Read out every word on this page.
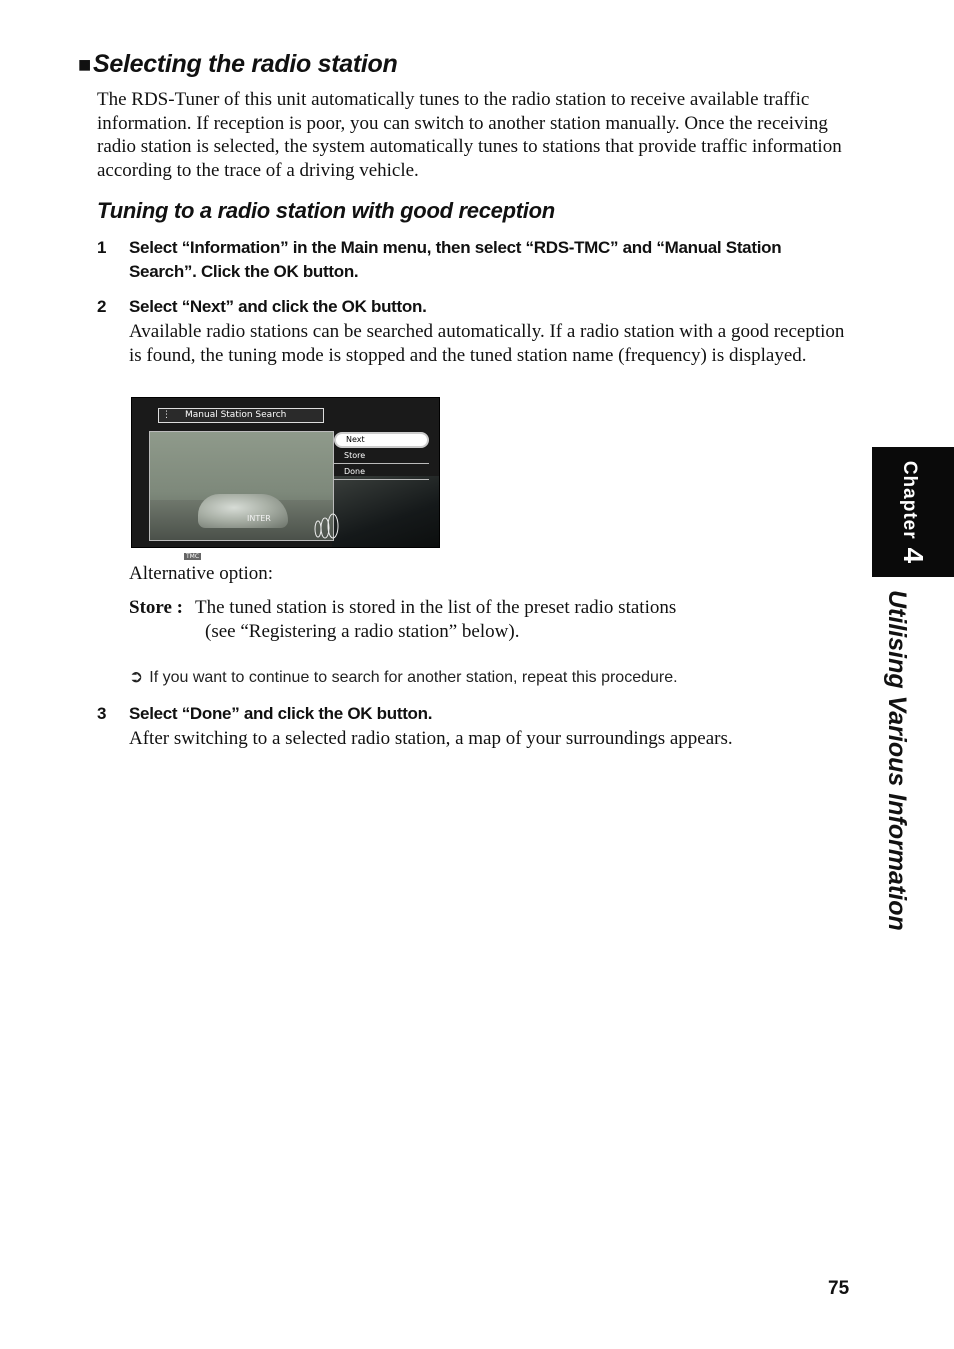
■Selecting the radio station
The RDS-Tuner of this unit automatically tunes to the radio station to receive available traffic information. If reception is poor, you can switch to another station manually. Once the receiving radio station is selected, the system automatically tunes to stations that provide traffic information according to the trace of a driving vehicle.
Tuning to a radio station with good reception
1 Select “Information” in the Main menu, then select “RDS-TMC” and “Manual Station
Search”. Click the OK button.
2 Select “Next” and click the OK button.
Available radio stations can be searched automatically. If a radio station with a good reception is found, the tuning mode is stopped and the tuned station name (frequency) is displayed.
⋮ Manual Station Search
INTER
TMC
Next
Store
Done
Alternative option:
Store : The tuned station is stored in the list of the preset radio stations
(see “Registering a radio station” below).
➲ If you want to continue to search for another station, repeat this procedure.
3 Select “Done” and click the OK button.
After switching to a selected radio station, a map of your surroundings appears.
Chapter4
Utilising Various Information
75
